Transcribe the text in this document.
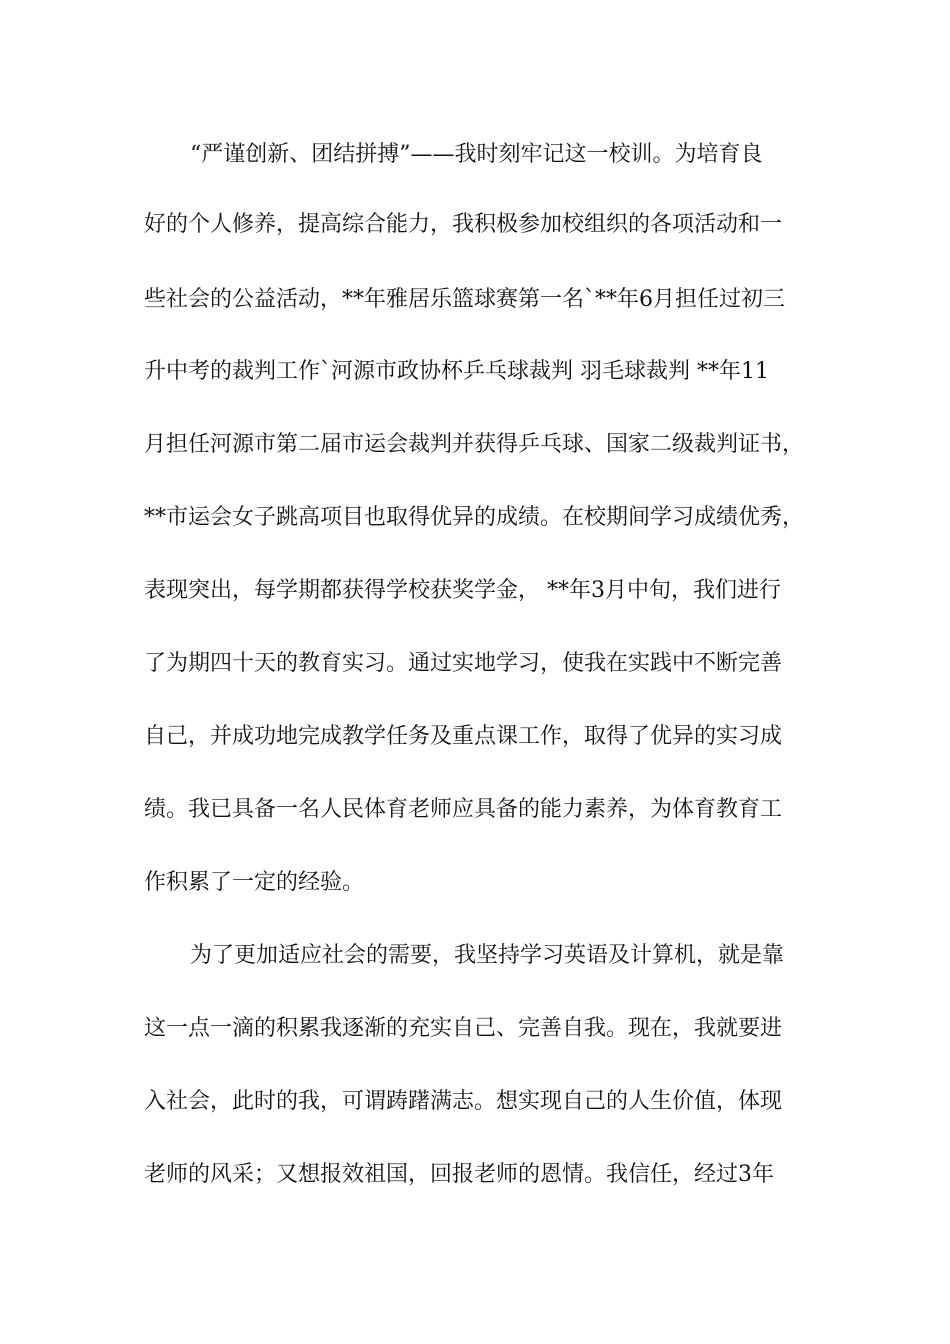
“严谨创新、团结拼搏”——我时刻牢记这一校训。为培育良
好的个人修养，提高综合能力，我积极参加校组织的各项活动和一
些社会的公益活动，**年雅居乐篮球赛第一名`**年6月担任过初三
升中考的裁判工作`河源市政协杯乒乓球裁判 羽毛球裁判 **年11
月担任河源市第二届市运会裁判并获得乒乓球、国家二级裁判证书，
**市运会女子跳高项目也取得优异的成绩。在校期间学习成绩优秀，
表现突出，每学期都获得学校获奖学金， **年3月中旬，我们进行
了为期四十天的教育实习。通过实地学习，使我在实践中不断完善
自己，并成功地完成教学任务及重点课工作，取得了优异的实习成
绩。我已具备一名人民体育老师应具备的能力素养，为体育教育工
作积累了一定的经验。
为了更加适应社会的需要，我坚持学习英语及计算机，就是靠
这一点一滴的积累我逐渐的充实自己、完善自我。现在，我就要进
入社会，此时的我，可谓踌躇满志。想实现自己的人生价值，体现
老师的风采；又想报效祖国，回报老师的恩情。我信任，经过3年
